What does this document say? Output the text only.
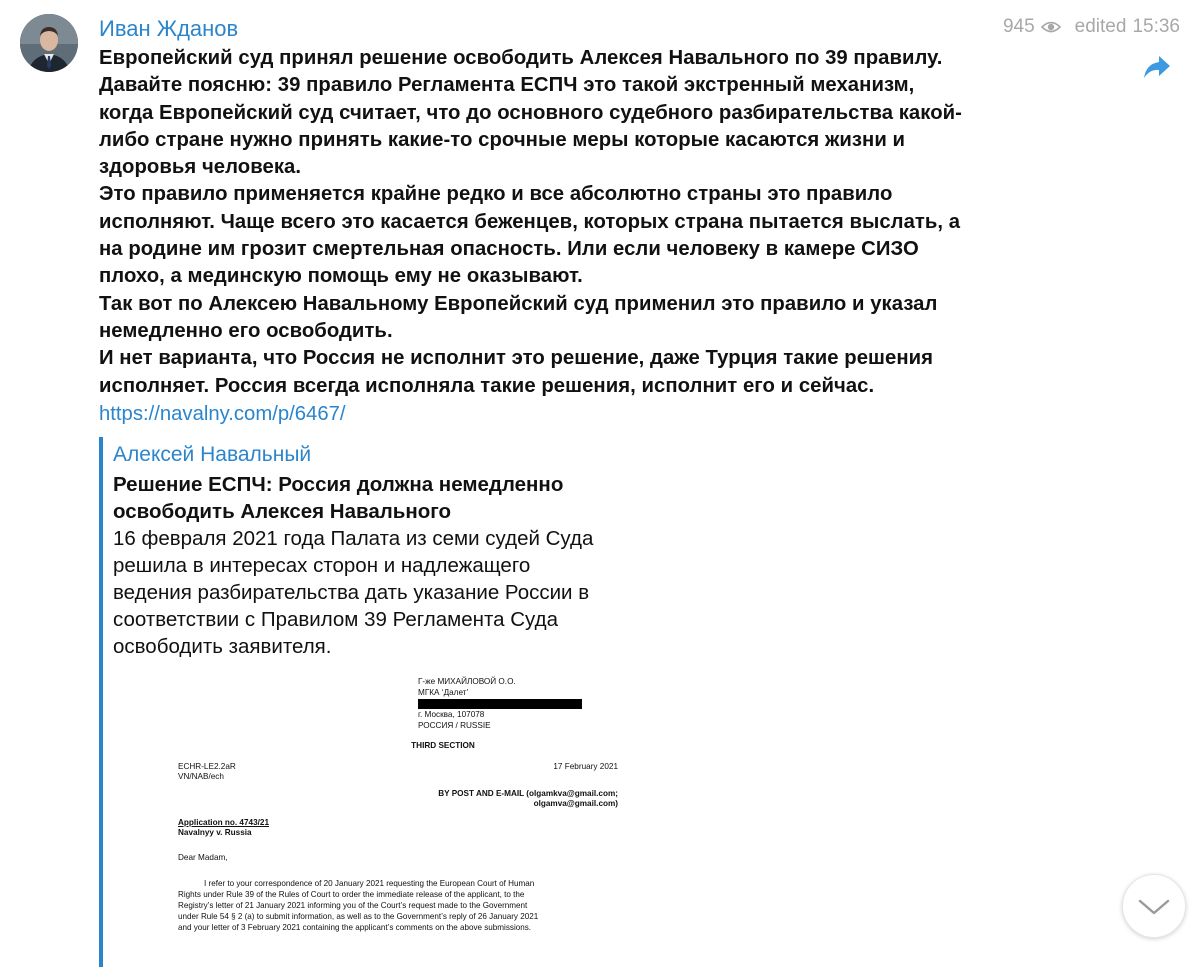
Иван Жданов
Европейский суд принял решение освободить Алексея Навального по 39 правилу.
Давайте поясню: 39 правило Регламента ЕСПЧ это такой экстренный механизм,
когда Европейский суд считает, что до основного судебного разбирательства какой-
либо стране нужно принять какие-то срочные меры которые касаются жизни и
здоровья человека.
Это правило применяется крайне редко и все абсолютно страны это правило
исполняют. Чаще всего это касается беженцев, которых страна пытается выслать, а
на родине им грозит смертельная опасность. Или если человеку в камере СИЗО
плохо, а мединскую помощь ему не оказывают.
Так вот по Алексею Навальному Европейский суд применил это правило и указал
немедленно его освободить.
И нет варианта, что Россия не исполнит это решение, даже Турция такие решения
исполняет. Россия всегда исполняла такие решения, исполнит его и сейчас.
https://navalny.com/p/6467/
945 edited 15:36
Алексей Навальный
Решение ЕСПЧ: Россия должна немедленно
освободить Алексея Навального
16 февраля 2021 года Палата из семи судей Суда
решила в интересах сторон и надлежащего
ведения разбирательства дать указание России в
соответствии с Правилом 39 Регламента Суда
освободить заявителя.
Г-же МИХАЙЛОВОЙ О.О.
МГКА ‘Далет’
г. Москва, 107078
РОССИЯ / RUSSIE
THIRD SECTION
ECHR-LE2.2aR	17 February 2021
VN/NAB/ech
BY POST AND E-MAIL (olgamkva@gmail.com;
olgamva@gmail.com)
Application no. 4743/21
Navalnyy v. Russia
Dear Madam,
I refer to your correspondence of 20 January 2021 requesting the European Court of Human
Rights under Rule 39 of the Rules of Court to order the immediate release of the applicant, to the
Registry’s letter of 21 January 2021 informing you of the Court’s request made to the Government
under Rule 54 § 2 (a) to submit information, as well as to the Government’s reply of 26 January 2021
and your letter of 3 February 2021 containing the applicant’s comments on the above submissions.
